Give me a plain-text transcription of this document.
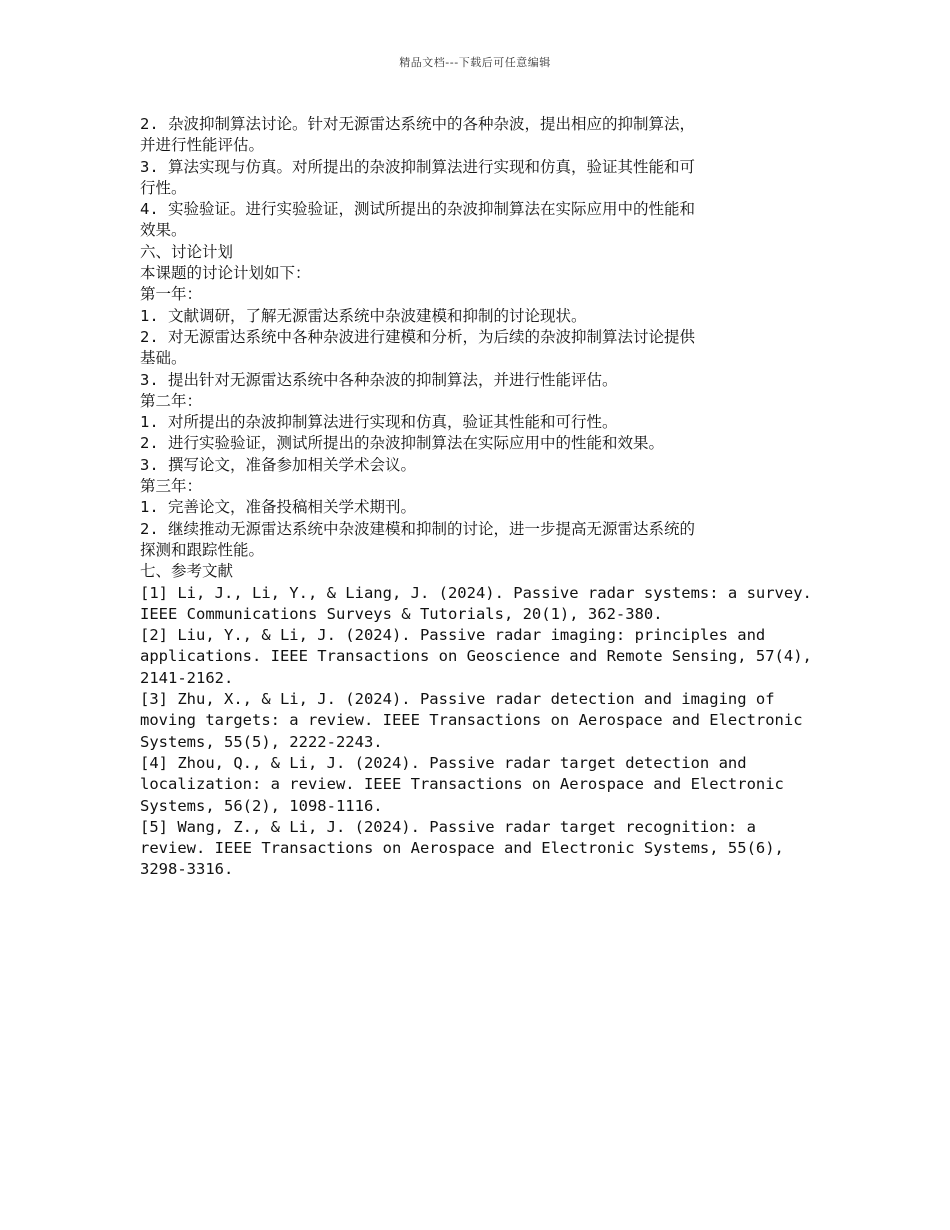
精品文档---下载后可任意编辑
2. 杂波抑制算法讨论。针对无源雷达系统中的各种杂波，提出相应的抑制算法，
并进行性能评估。
3. 算法实现与仿真。对所提出的杂波抑制算法进行实现和仿真，验证其性能和可
行性。
4. 实验验证。进行实验验证，测试所提出的杂波抑制算法在实际应用中的性能和
效果。
六、讨论计划
本课题的讨论计划如下：
第一年：
1. 文献调研，了解无源雷达系统中杂波建模和抑制的讨论现状。
2. 对无源雷达系统中各种杂波进行建模和分析，为后续的杂波抑制算法讨论提供
基础。
3. 提出针对无源雷达系统中各种杂波的抑制算法，并进行性能评估。
第二年：
1. 对所提出的杂波抑制算法进行实现和仿真，验证其性能和可行性。
2. 进行实验验证，测试所提出的杂波抑制算法在实际应用中的性能和效果。
3. 撰写论文，准备参加相关学术会议。
第三年：
1. 完善论文，准备投稿相关学术期刊。
2. 继续推动无源雷达系统中杂波建模和抑制的讨论，进一步提高无源雷达系统的
探测和跟踪性能。
七、参考文献
[1] Li, J., Li, Y., & Liang, J. (2024). Passive radar systems: a survey.
IEEE Communications Surveys & Tutorials, 20(1), 362-380.
[2] Liu, Y., & Li, J. (2024). Passive radar imaging: principles and
applications. IEEE Transactions on Geoscience and Remote Sensing, 57(4),
2141-2162.
[3] Zhu, X., & Li, J. (2024). Passive radar detection and imaging of
moving targets: a review. IEEE Transactions on Aerospace and Electronic
Systems, 55(5), 2222-2243.
[4] Zhou, Q., & Li, J. (2024). Passive radar target detection and
localization: a review. IEEE Transactions on Aerospace and Electronic
Systems, 56(2), 1098-1116.
[5] Wang, Z., & Li, J. (2024). Passive radar target recognition: a
review. IEEE Transactions on Aerospace and Electronic Systems, 55(6),
3298-3316.
